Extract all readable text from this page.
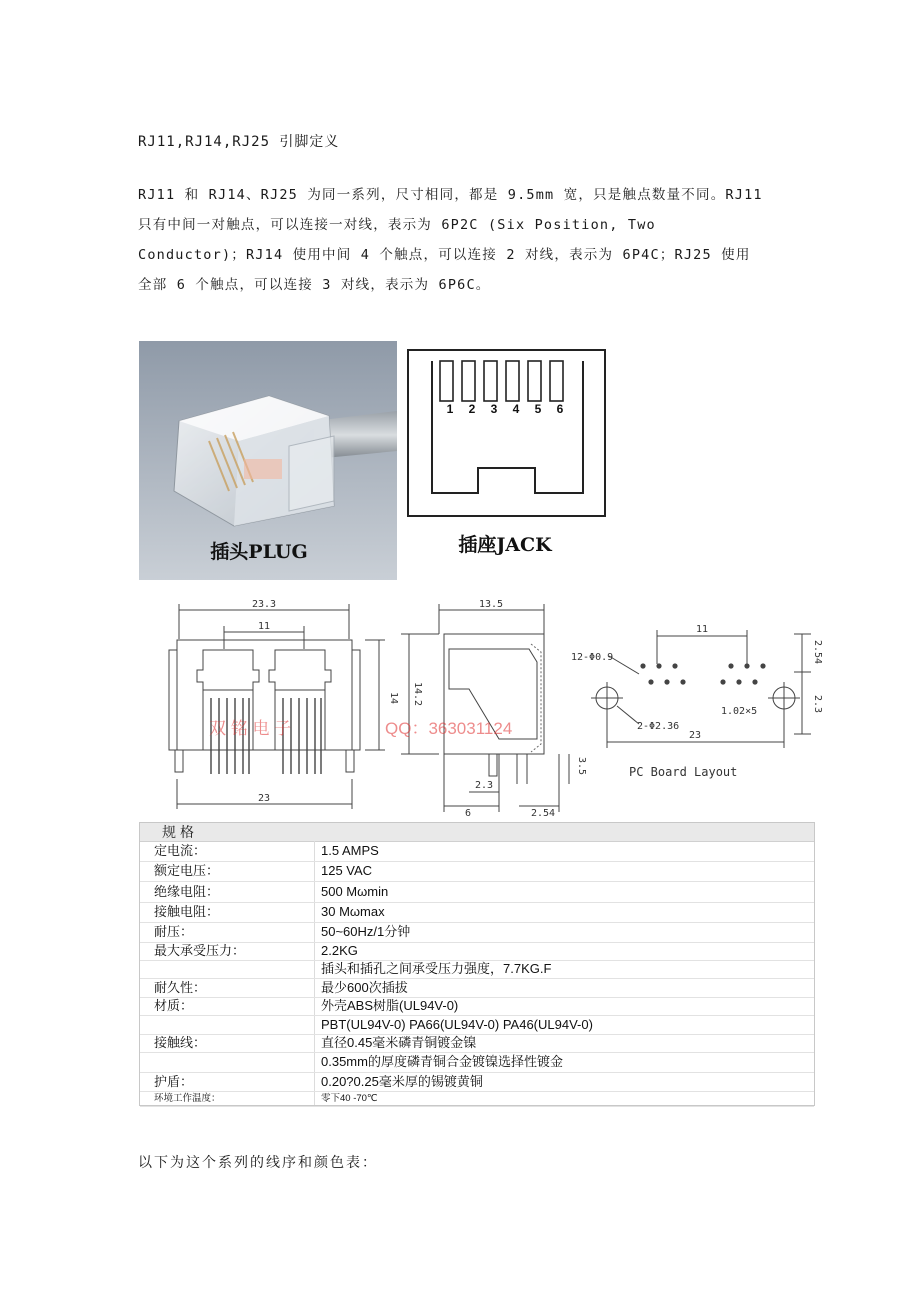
RJ11,RJ14,RJ25 引脚定义
RJ11 和 RJ14、RJ25 为同一系列，尺寸相同，都是 9.5mm 宽，只是触点数量不同。RJ11
只有中间一对触点，可以连接一对线，表示为 6P2C (Six Position, Two
Conductor)；RJ14 使用中间 4 个触点，可以连接 2 对线，表示为 6P4C；RJ25 使用
全部 6 个触点，可以连接 3 对线，表示为 6P6C。
插头PLUG
1 2 3 4 5 6
插座JACK
23.3
11
14
23
13.5
14.2
2.3
6	2.54
3.5
11
12-Φ0.9
2-Φ2.36
1.02×5
23
2.54
2.3
PC Board Layout
双 铭 电 子	QQ：363031124
规格
定电流：	1.5 AMPS
额定电压：	125 VAC
绝缘电阻：	500 Mωmin
接触电阻：	30 Mωmax
耐压：	50~60Hz/1分钟
最大承受压力：	2.2KG
插头和插孔之间承受压力强度，7.7KG.F
耐久性：	最少600次插拔
材质：	外壳ABS树脂(UL94V-0)
PBT(UL94V-0) PA66(UL94V-0) PA46(UL94V-0)
接触线：	直径0.45毫米磷青铜镀金镍
0.35mm的厚度磷青铜合金镀镍选择性镀金
护盾：	0.20?0.25毫米厚的锡镀黄铜
环境工作温度：	零下40 -70℃

以下为这个系列的线序和颜色表：
